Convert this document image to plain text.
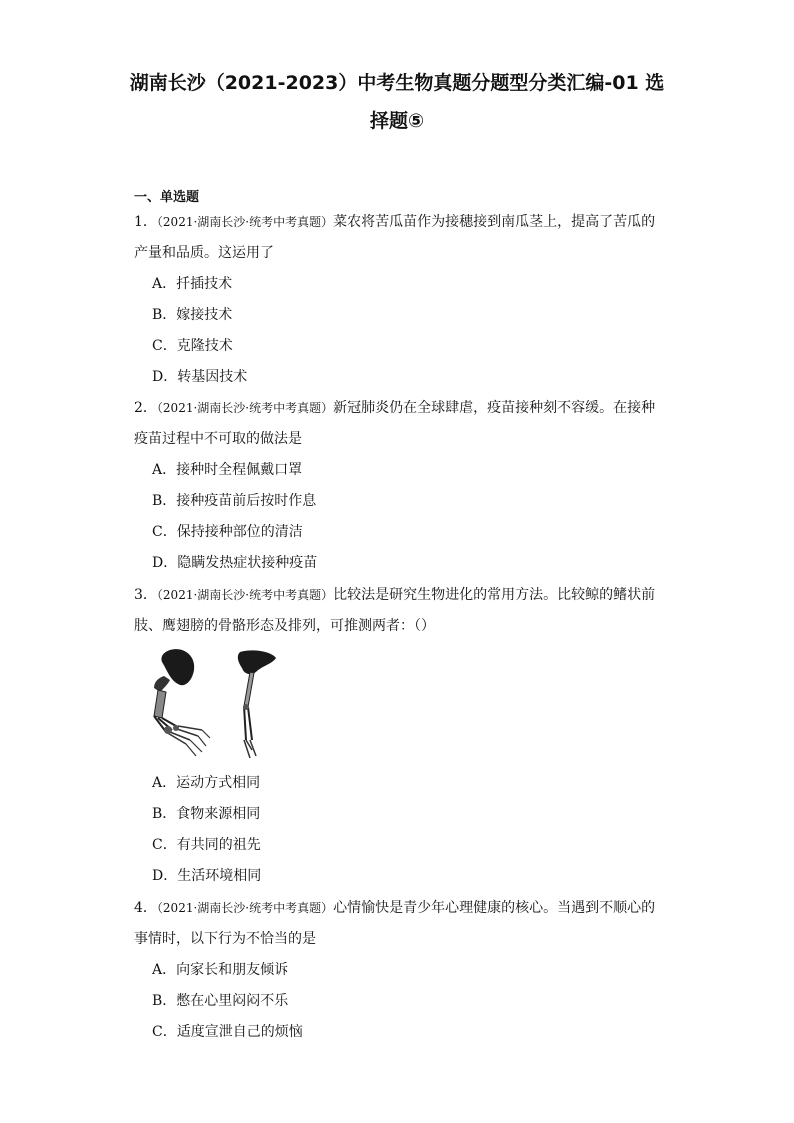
湖南长沙（2021-2023）中考生物真题分题型分类汇编-01 选
择题⑤
一、单选题
1．（2021·湖南长沙·统考中考真题）菜农将苦瓜苗作为接穗接到南瓜茎上，提高了苦瓜的产量和品质。这运用了
A．扦插技术
B．嫁接技术
C．克隆技术
D．转基因技术
2．（2021·湖南长沙·统考中考真题）新冠肺炎仍在全球肆虐，疫苗接种刻不容缓。在接种疫苗过程中不可取的做法是
A．接种时全程佩戴口罩
B．接种疫苗前后按时作息
C．保持接种部位的清洁
D．隐瞒发热症状接种疫苗
3．（2021·湖南长沙·统考中考真题）比较法是研究生物进化的常用方法。比较鲸的鳍状前肢、鹰翅膀的骨骼形态及排列，可推测两者：（）
A．运动方式相同
B．食物来源相同
C．有共同的祖先
D．生活环境相同
4．（2021·湖南长沙·统考中考真题）心情愉快是青少年心理健康的核心。当遇到不顺心的事情时，以下行为不恰当的是
A．向家长和朋友倾诉
B．憋在心里闷闷不乐
C．适度宣泄自己的烦恼
